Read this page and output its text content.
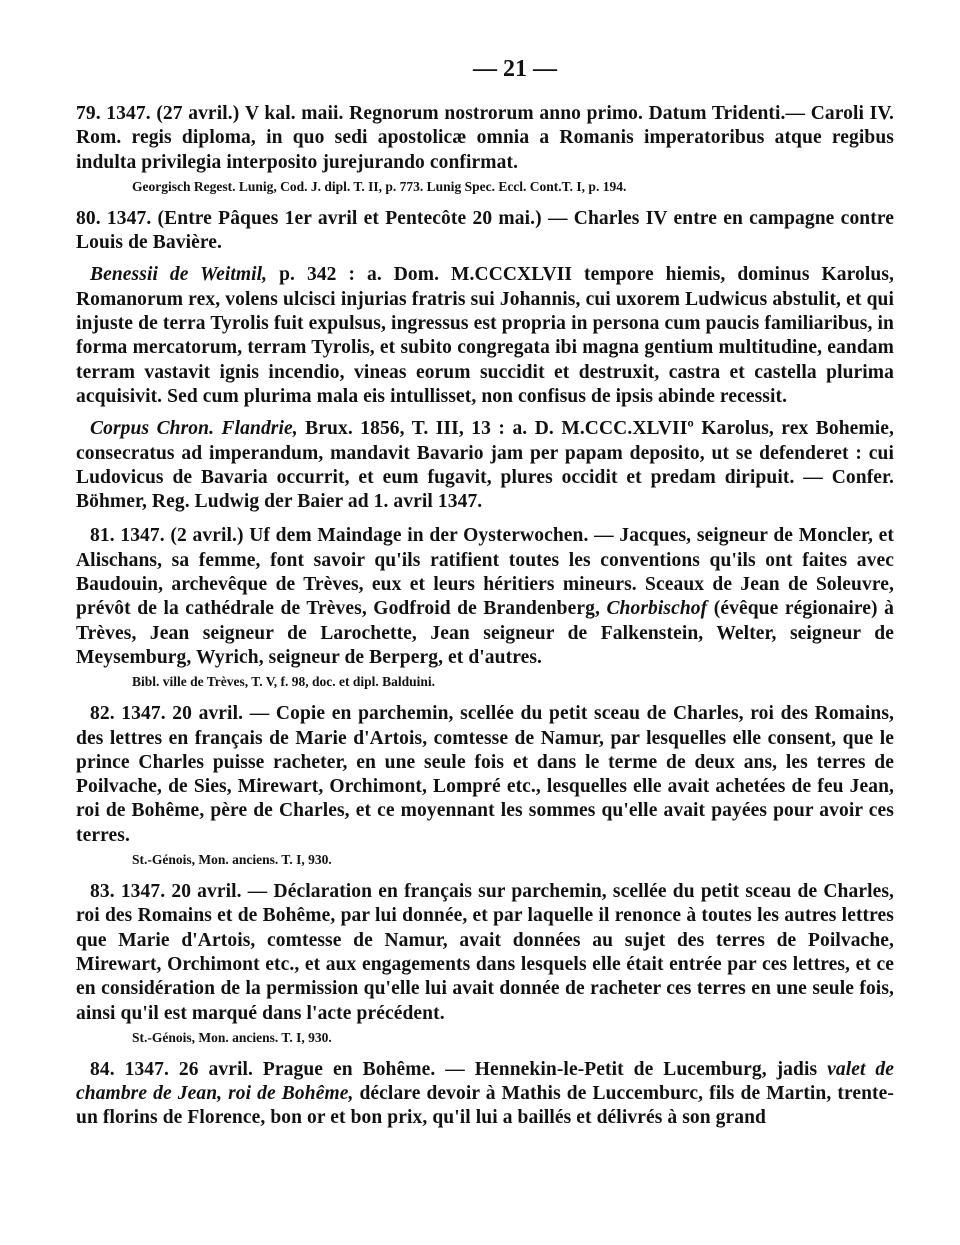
— 21 —

79. 1347. (27 avril.) V kal. maii. Regnorum nostrorum anno primo. Datum Tridenti.— Caroli IV. Rom. regis diploma, in quo sedi apostolicæ omnia a Romanis imperatoribus atque regibus indulta privilegia interposito jurejurando confirmat.

Georgisch Regest. Lunig, Cod. J. dipl. T. II, p. 773. Lunig Spec. Eccl. Cont.T. I, p. 194.

80. 1347. (Entre Pâques 1er avril et Pentecôte 20 mai.) — Charles IV entre en campagne contre Louis de Bavière.

Benessii de Weitmil, p. 342 : a. Dom. M.CCCXLVII tempore hiemis, dominus Karolus, Romanorum rex, volens ulcisci injurias fratris sui Johannis, cui uxorem Ludwicus abstulit, et qui injuste de terra Tyrolis fuit expulsus, ingressus est propria in persona cum paucis familiaribus, in forma mercatorum, terram Tyrolis, et subito congregata ibi magna gentium multitudine, eandam terram vastavit ignis incendio, vineas eorum succidit et destruxit, castra et castella plurima acquisivit. Sed cum plurima mala eis intullisset, non confisus de ipsis abinde recessit.

Corpus Chron. Flandrie, Brux. 1856, T. III, 13 : a. D. M.CCC.XLVIIº Karolus, rex Bohemie, consecratus ad imperandum, mandavit Bavario jam per papam deposito, ut se defenderet : cui Ludovicus de Bavaria occurrit, et eum fugavit, plures occidit et predam diripuit. — Confer. Böhmer, Reg. Ludwig der Baier ad 1. avril 1347.

81. 1347. (2 avril.) Uf dem Maindage in der Oysterwochen. — Jacques, seigneur de Moncler, et Alischans, sa femme, font savoir qu'ils ratifient toutes les conventions qu'ils ont faites avec Baudouin, archevêque de Trèves, eux et leurs héritiers mineurs. Sceaux de Jean de Soleuvre, prévôt de la cathédrale de Trèves, Godfroid de Brandenberg, Chorbischof (évêque régionaire) à Trèves, Jean seigneur de Larochette, Jean seigneur de Falkenstein, Welter, seigneur de Meysemburg, Wyrich, seigneur de Berperg, et d'autres.

Bibl. ville de Trèves, T. V, f. 98, doc. et dipl. Balduini.

82. 1347. 20 avril. — Copie en parchemin, scellée du petit sceau de Charles, roi des Romains, des lettres en français de Marie d'Artois, comtesse de Namur, par lesquelles elle consent, que le prince Charles puisse racheter, en une seule fois et dans le terme de deux ans, les terres de Poilvache, de Sies, Mirewart, Orchimont, Lompré etc., lesquelles elle avait achetées de feu Jean, roi de Bohême, père de Charles, et ce moyennant les sommes qu'elle avait payées pour avoir ces terres.

St.-Génois, Mon. anciens. T. I, 930.

83. 1347. 20 avril. — Déclaration en français sur parchemin, scellée du petit sceau de Charles, roi des Romains et de Bohême, par lui donnée, et par laquelle il renonce à toutes les autres lettres que Marie d'Artois, comtesse de Namur, avait données au sujet des terres de Poilvache, Mirewart, Orchimont etc., et aux engagements dans lesquels elle était entrée par ces lettres, et ce en considération de la permission qu'elle lui avait donnée de racheter ces terres en une seule fois, ainsi qu'il est marqué dans l'acte précédent.

St.-Génois, Mon. anciens. T. I, 930.

84. 1347. 26 avril. Prague en Bohême. — Hennekin-le-Petit de Lucemburg, jadis valet de chambre de Jean, roi de Bohême, déclare devoir à Mathis de Luccemburc, fils de Martin, trente-un florins de Florence, bon or et bon prix, qu'il lui a baillés et délivrés à son grand
